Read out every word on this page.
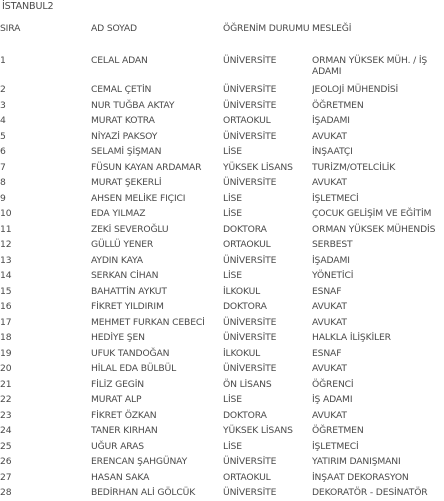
İSTANBUL2
SIRA	AD SOYAD	ÖĞRENİM DURUMU	MESLEĞİ
1	CELAL ADAN	ÜNİVERSİTE	ORMAN YÜKSEK MÜH. / İŞ ADAMI
2	CEMAL ÇETİN	ÜNİVERSİTE	JEOLOJİ MÜHENDİSİ
3	NUR TUĞBA AKTAY	ÜNİVERSİTE	ÖĞRETMEN
4	MURAT KOTRA	ORTAOKUL	İŞADAMI
5	NİYAZİ PAKSOY	ÜNİVERSİTE	AVUKAT
6	SELAMİ ŞİŞMAN	LİSE	İNŞAATÇI
7	FÜSUN KAYAN ARDAMAR	YÜKSEK LİSANS	TURİZM/OTELCİLİK
8	MURAT ŞEKERLİ	ÜNİVERSİTE	AVUKAT
9	AHSEN MELİKE FIÇICI	LİSE	İŞLETMECİ
10	EDA YILMAZ	LİSE	ÇOCUK GELİŞİM VE EĞİTİM
11	ZEKİ SEVEROĞLU	DOKTORA	ORMAN YÜKSEK MÜHENDİS
12	GÜLLÜ YENER	ORTAOKUL	SERBEST
13	AYDIN KAYA	ÜNİVERSİTE	İŞADAMI
14	SERKAN CİHAN	LİSE	YÖNETİCİ
15	BAHATTİN AYKUT	İLKOKUL	ESNAF
16	FİKRET YILDIRIM	DOKTORA	AVUKAT
17	MEHMET FURKAN CEBECİ	ÜNİVERSİTE	AVUKAT
18	HEDİYE ŞEN	ÜNİVERSİTE	HALKLA İLİŞKİLER
19	UFUK TANDOĞAN	İLKOKUL	ESNAF
20	HİLAL EDA BÜLBÜL	ÜNİVERSİTE	AVUKAT
21	FİLİZ GEGİN	ÖN LİSANS	ÖĞRENCİ
22	MURAT ALP	LİSE	İŞ ADAMI
23	FİKRET ÖZKAN	DOKTORA	AVUKAT
24	TANER KIRHAN	YÜKSEK LİSANS	ÖĞRETMEN
25	UĞUR ARAS	LİSE	İŞLETMECİ
26	ERENCAN ŞAHGÜNAY	ÜNİVERSİTE	YATIRIM DANIŞMANI
27	HASAN SAKA	ORTAOKUL	İNŞAAT DEKORASYON
28	BEDİRHAN ALİ GÖLCÜK	ÜNİVERSİTE	DEKORATÖR - DESİNATÖR
